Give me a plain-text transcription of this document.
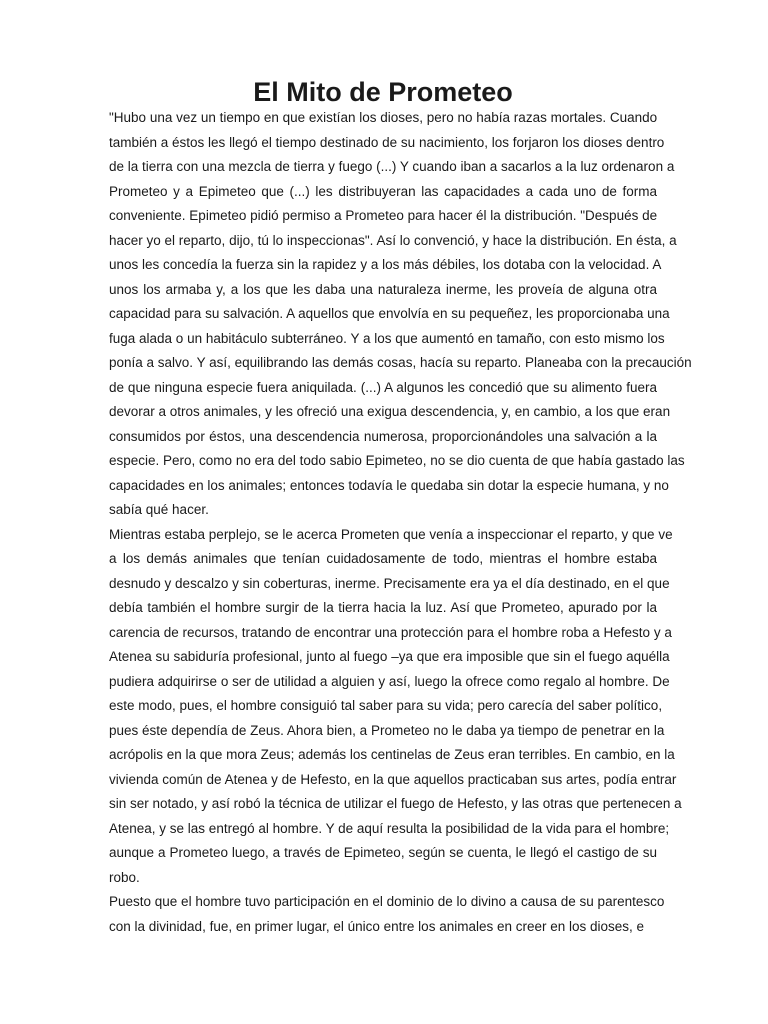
El Mito de Prometeo
"Hubo una vez un tiempo en que existían los dioses, pero no había razas mortales. Cuando
también a éstos les llegó el tiempo destinado de su nacimiento, los forjaron los dioses dentro
de la tierra con una mezcla de tierra y fuego (...) Y cuando iban a sacarlos a la luz ordenaron a
Prometeo y a Epimeteo que (...) les distribuyeran las capacidades a cada uno de forma
conveniente. Epimeteo pidió permiso a Prometeo para hacer él la distribución. "Después de
hacer yo el reparto, dijo, tú lo inspeccionas". Así lo convenció, y hace la distribución. En ésta, a
unos les concedía la fuerza sin la rapidez y a los más débiles, los dotaba con la velocidad. A
unos los armaba y, a los que les daba una naturaleza inerme, les proveía de alguna otra
capacidad para su salvación. A aquellos que envolvía en su pequeñez, les proporcionaba una
fuga alada o un habitáculo subterráneo. Y a los que aumentó en tamaño, con esto mismo los
ponía a salvo. Y así, equilibrando las demás cosas, hacía su reparto. Planeaba con la precaución
de que ninguna especie fuera aniquilada. (...) A algunos les concedió que su alimento fuera
devorar a otros animales, y les ofreció una exigua descendencia, y, en cambio, a los que eran
consumidos por éstos, una descendencia numerosa, proporcionándoles una salvación a la
especie. Pero, como no era del todo sabio Epimeteo, no se dio cuenta de que había gastado las
capacidades en los animales; entonces todavía le quedaba sin dotar la especie humana, y no
sabía qué hacer.
Mientras estaba perplejo, se le acerca Prometen que venía a inspeccionar el reparto, y que ve
a los demás animales que tenían cuidadosamente de todo, mientras el hombre estaba
desnudo y descalzo y sin coberturas, inerme. Precisamente era ya el día destinado, en el que
debía también el hombre surgir de la tierra hacia la luz. Así que Prometeo, apurado por la
carencia de recursos, tratando de encontrar una protección para el hombre roba a Hefesto y a
Atenea su sabiduría profesional, junto al fuego –ya que era imposible que sin el fuego aquélla
pudiera adquirirse o ser de utilidad a alguien y así, luego la ofrece como regalo al hombre. De
este modo, pues, el hombre consiguió tal saber para su vida; pero carecía del saber político,
pues éste dependía de Zeus. Ahora bien, a Prometeo no le daba ya tiempo de penetrar en la
acrópolis en la que mora Zeus; además los centinelas de Zeus eran terribles. En cambio, en la
vivienda común de Atenea y de Hefesto, en la que aquellos practicaban sus artes, podía entrar
sin ser notado, y así robó la técnica de utilizar el fuego de Hefesto, y las otras que pertenecen a
Atenea, y se las entregó al hombre. Y de aquí resulta la posibilidad de la vida para el hombre;
aunque a Prometeo luego, a través de Epimeteo, según se cuenta, le llegó el castigo de su
robo.
Puesto que el hombre tuvo participación en el dominio de lo divino a causa de su parentesco
con la divinidad, fue, en primer lugar, el único entre los animales en creer en los dioses, e
